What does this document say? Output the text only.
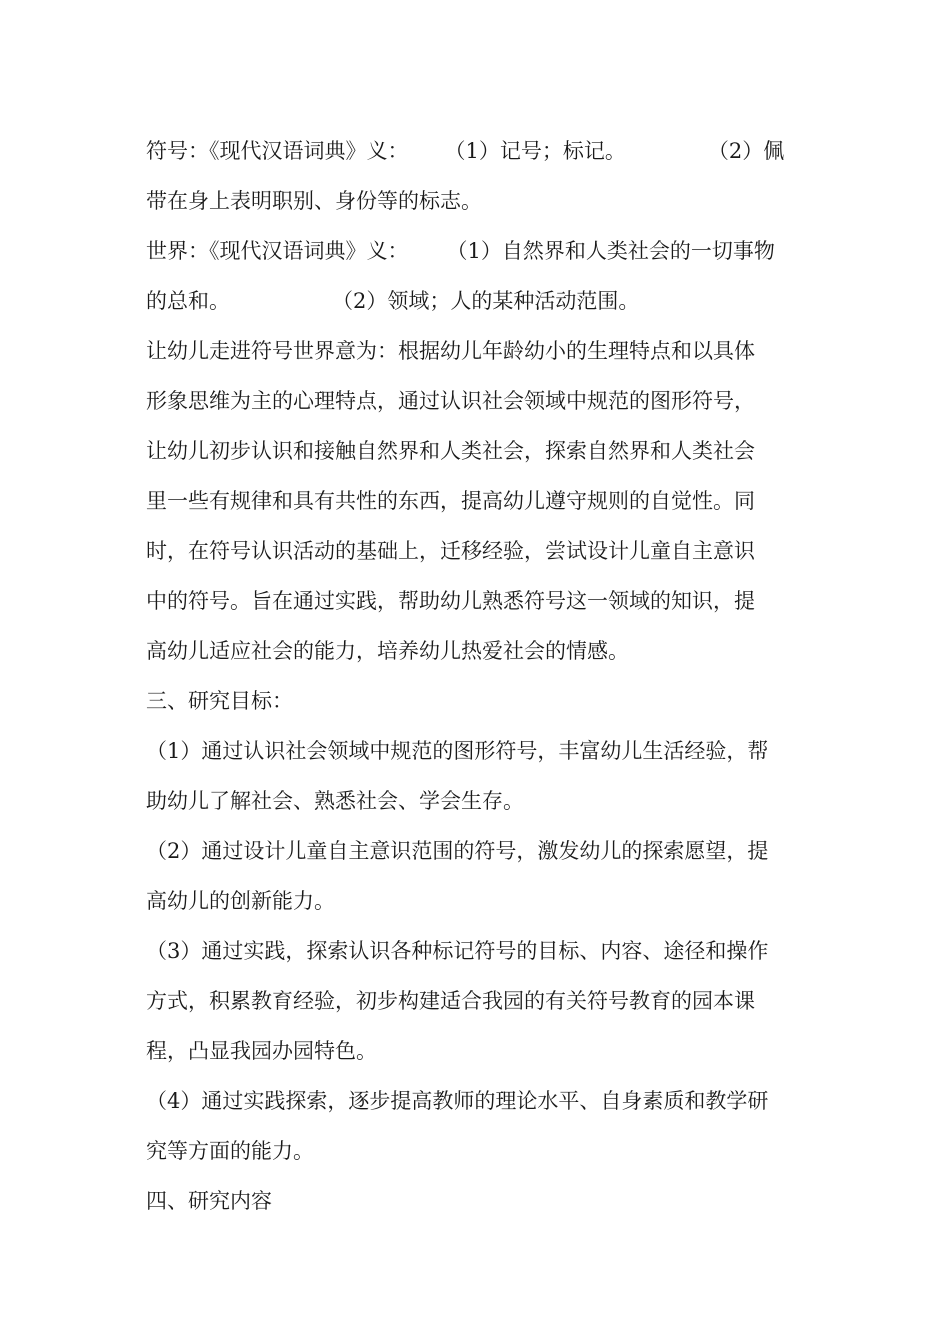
符号：《现代汉语词典》义： （1）记号；标记。	（2）佩
带在身上表明职别、身份等的标志。
世界：《现代汉语词典》义： （1）自然界和人类社会的一切事物
的总和。	（2）领域；人的某种活动范围。
让幼儿走进符号世界意为：根据幼儿年龄幼小的生理特点和以具体
形象思维为主的心理特点，通过认识社会领域中规范的图形符号，
让幼儿初步认识和接触自然界和人类社会，探索自然界和人类社会
里一些有规律和具有共性的东西，提高幼儿遵守规则的自觉性。同
时，在符号认识活动的基础上，迁移经验，尝试设计儿童自主意识
中的符号。旨在通过实践，帮助幼儿熟悉符号这一领域的知识，提
高幼儿适应社会的能力，培养幼儿热爱社会的情感。
三、研究目标：
（1）通过认识社会领域中规范的图形符号，丰富幼儿生活经验，帮
助幼儿了解社会、熟悉社会、学会生存。
（2）通过设计儿童自主意识范围的符号，激发幼儿的探索愿望，提
高幼儿的创新能力。
（3）通过实践，探索认识各种标记符号的目标、内容、途径和操作
方式，积累教育经验，初步构建适合我园的有关符号教育的园本课
程，凸显我园办园特色。
（4）通过实践探索，逐步提高教师的理论水平、自身素质和教学研
究等方面的能力。
四、研究内容
